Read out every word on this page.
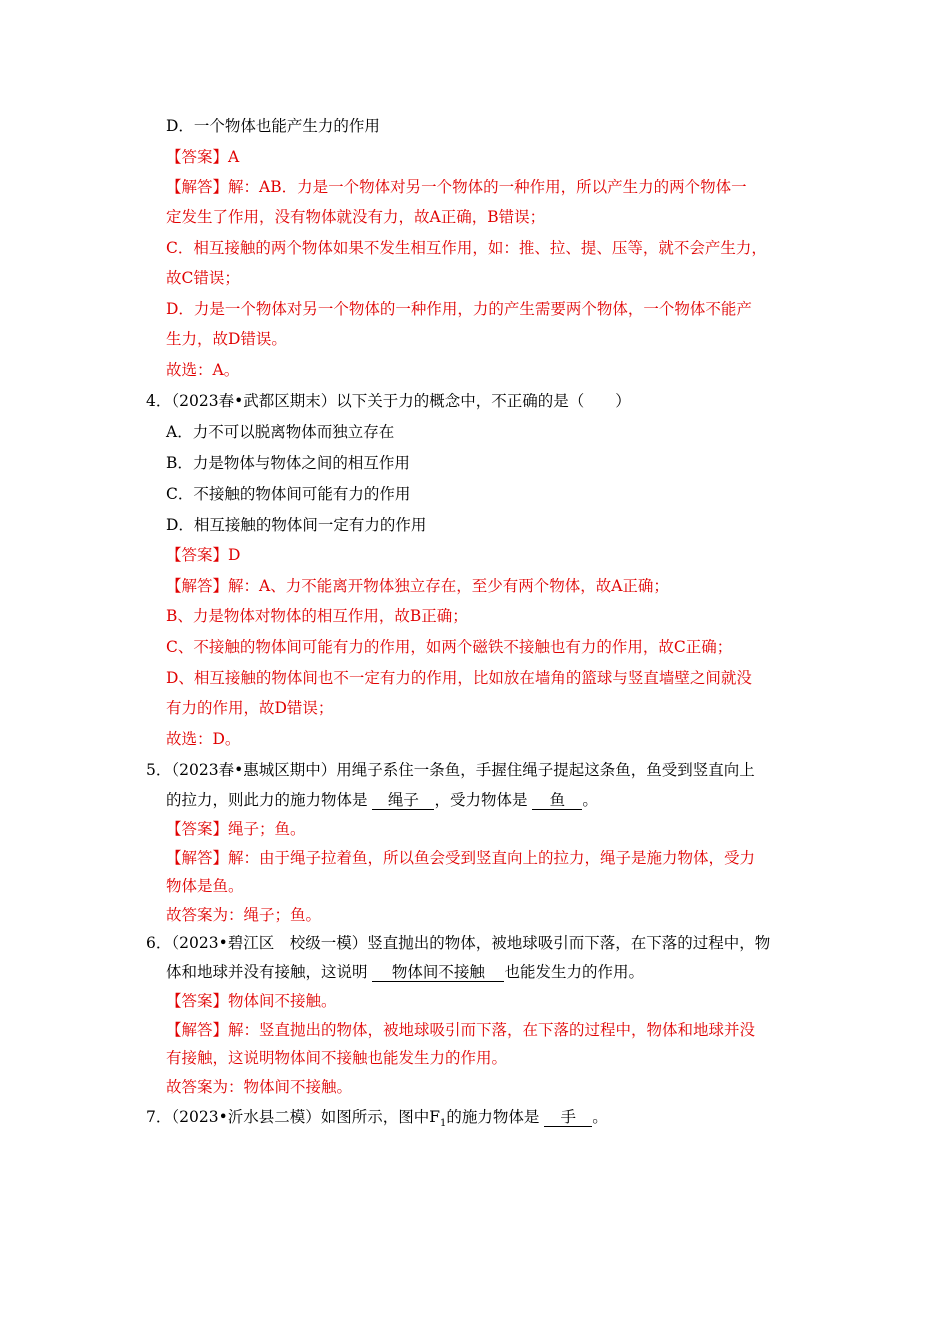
D．一个物体也能产生力的作用
【答案】A
【解答】解：AB．力是一个物体对另一个物体的一种作用，所以产生力的两个物体一
定发生了作用，没有物体就没有力，故A正确，B错误；
C．相互接触的两个物体如果不发生相互作用，如：推、拉、提、压等，就不会产生力，
故C错误；
D．力是一个物体对另一个物体的一种作用，力的产生需要两个物体，一个物体不能产
生力，故D错误。
故选：A。
4．（2023春•武都区期末）以下关于力的概念中，不正确的是（　　）
A．力不可以脱离物体而独立存在
B．力是物体与物体之间的相互作用
C．不接触的物体间可能有力的作用
D．相互接触的物体间一定有力的作用
【答案】D
【解答】解：A、力不能离开物体独立存在，至少有两个物体，故A正确；
B、力是物体对物体的相互作用，故B正确；
C、不接触的物体间可能有力的作用，如两个磁铁不接触也有力的作用，故C正确；
D、相互接触的物体间也不一定有力的作用，比如放在墙角的篮球与竖直墙壁之间就没
有力的作用，故D错误；
故选：D。
5．（2023春•惠城区期中）用绳子系住一条鱼，手握住绳子提起这条鱼，鱼受到竖直向上
的拉力，则此力的施力物体是 绳子 ，受力物体是 鱼 。
【答案】绳子；鱼。
【解答】解：由于绳子拉着鱼，所以鱼会受到竖直向上的拉力，绳子是施力物体，受力
物体是鱼。
故答案为：绳子；鱼。
6．（2023•碧江区　校级一模）竖直抛出的物体，被地球吸引而下落，在下落的过程中，物
体和地球并没有接触，这说明 物体间不接触 也能发生力的作用。
【答案】物体间不接触。
【解答】解：竖直抛出的物体，被地球吸引而下落，在下落的过程中，物体和地球并没
有接触，这说明物体间不接触也能发生力的作用。
故答案为：物体间不接触。
7．（2023•沂水县二模）如图所示，图中$F_1$的施力物体是 手 。
